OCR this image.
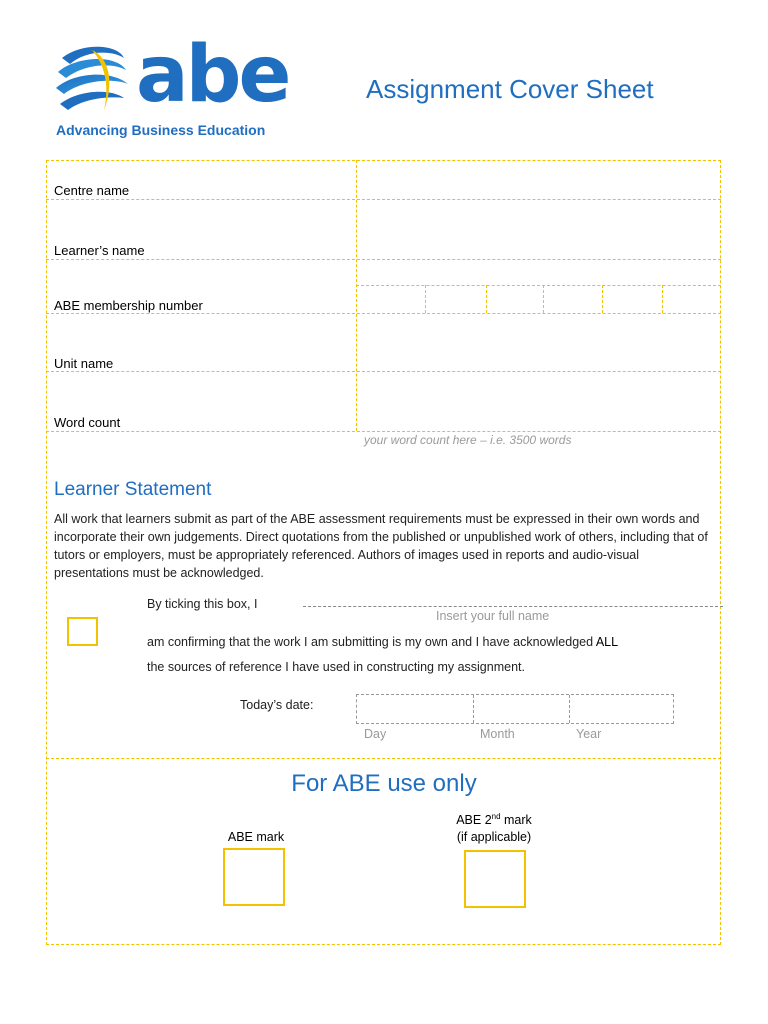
abe
Advancing Business Education
Assignment Cover Sheet
Centre name
Learner’s name
ABE membership number
Unit name
Word count
your word count here – i.e. 3500 words
Learner Statement
All work that learners submit as part of the ABE assessment requirements must be expressed in their own words and incorporate their own judgements. Direct quotations from the published or unpublished work of others, including that of tutors or employers, must be appropriately referenced. Authors of images used in reports and audio-visual presentations must be acknowledged.
By ticking this box, I
Insert your full name
am confirming that the work I am submitting is my own and I have acknowledged ALL
the sources of reference I have used in constructing my assignment.
Today’s date:
Day	Month	Year
For ABE use only
ABE mark
ABE 2nd mark
(if applicable)
